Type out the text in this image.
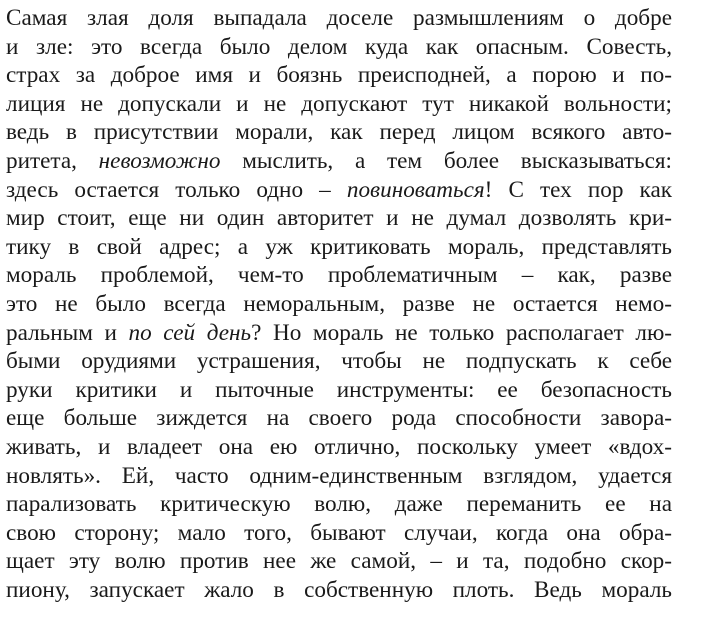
Самая злая доля выпадала доселе размышлениям о добре
и зле: это всегда было делом куда как опасным. Совесть,
страх за доброе имя и боязнь преисподней, а порою и по-
лиция не допускали и не допускают тут никакой вольности;
ведь в присутствии морали, как перед лицом всякого авто-
ритета, невозможно мыслить, а тем более высказываться:
здесь остается только одно – повиноваться! С тех пор как
мир стоит, еще ни один авторитет и не думал дозволять кри-
тику в свой адрес; а уж критиковать мораль, представлять
мораль проблемой, чем-то проблематичным – как, разве
это не было всегда неморальным, разве не остается немо-
ральным и по сей день? Но мораль не только располагает лю-
быми орудиями устрашения, чтобы не подпускать к себе
руки критики и пыточные инструменты: ее безопасность
еще больше зиждется на своего рода способности завора-
живать, и владеет она ею отлично, поскольку умеет «вдох-
новлять». Ей, часто одним-единственным взглядом, удается
парализовать критическую волю, даже переманить ее на
свою сторону; мало того, бывают случаи, когда она обра-
щает эту волю против нее же самой, – и та, подобно скор-
пиону, запускает жало в собственную плоть. Ведь мораль
